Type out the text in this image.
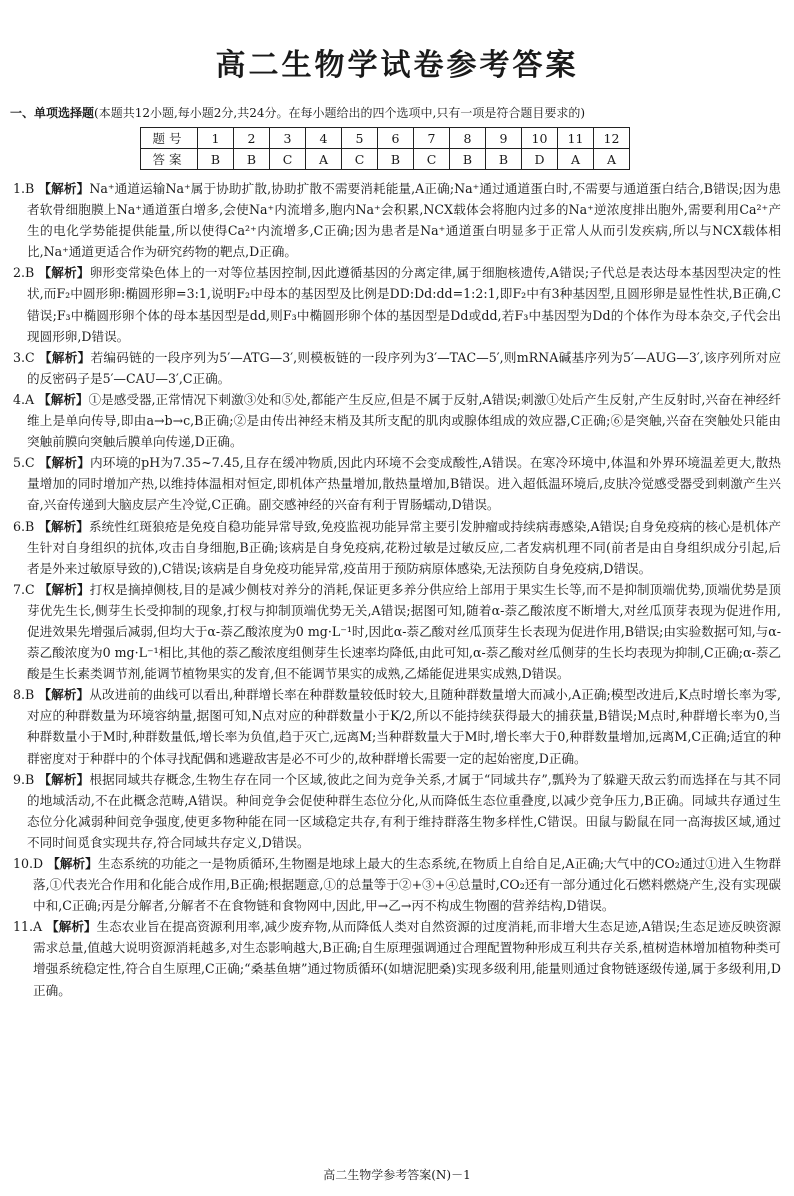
高二生物学试卷参考答案
一、单项选择题(本题共12小题,每小题2分,共24分。在每小题给出的四个选项中,只有一项是符合题目要求的)
题号	1	2	3	4	5	6	7	8	9	10	11	12
答案	B	B	C	A	C	B	C	B	B	D	A	A

1.B 【解析】Na⁺通道运输Na⁺属于协助扩散,协助扩散不需要消耗能量,A正确;Na⁺通过通道蛋白时,不需要与通道蛋白结合,B错误;因为患者软骨细胞膜上Na⁺通道蛋白增多,会使Na⁺内流增多,胞内Na⁺会积累,NCX载体会将胞内过多的Na⁺逆浓度排出胞外,需要利用Ca²⁺产生的电化学势能提供能量,所以使得Ca²⁺内流增多,C正确;因为患者是Na⁺通道蛋白明显多于正常人从而引发疾病,所以与NCX载体相比,Na⁺通道更适合作为研究药物的靶点,D正确。

2.B 【解析】卵形变常染色体上的一对等位基因控制,因此遵循基因的分离定律,属于细胞核遗传,A错误;子代总是表达母本基因型决定的性状,而F₂中圆形卵:椭圆形卵=3:1,说明F₂中母本的基因型及比例是DD:Dd:dd=1:2:1,即F₂中有3种基因型,且圆形卵是显性性状,B正确,C错误;F₃中椭圆形卵个体的母本基因型是dd,则F₃中椭圆形卵个体的基因型是Dd或dd,若F₃中基因型为Dd的个体作为母本杂交,子代会出现圆形卵,D错误。

3.C 【解析】若编码链的一段序列为5′—ATG—3′,则模板链的一段序列为3′—TAC—5′,则mRNA碱基序列为5′—AUG—3′,该序列所对应的反密码子是5′—CAU—3′,C正确。

4.A 【解析】①是感受器,正常情况下刺激③处和⑤处,都能产生反应,但是不属于反射,A错误;刺激①处后产生反射,产生反射时,兴奋在神经纤维上是单向传导,即由a→b→c,B正确;②是由传出神经末梢及其所支配的肌肉或腺体组成的效应器,C正确;⑥是突触,兴奋在突触处只能由突触前膜向突触后膜单向传递,D正确。

5.C 【解析】内环境的pH为7.35~7.45,且存在缓冲物质,因此内环境不会变成酸性,A错误。在寒冷环境中,体温和外界环境温差更大,散热量增加的同时增加产热,以维持体温相对恒定,即机体产热量增加,散热量增加,B错误。进入超低温环境后,皮肤冷觉感受器受到刺激产生兴奋,兴奋传递到大脑皮层产生冷觉,C正确。副交感神经的兴奋有利于胃肠蠕动,D错误。

6.B 【解析】系统性红斑狼疮是免疫自稳功能异常导致,免疫监视功能异常主要引发肿瘤或持续病毒感染,A错误;自身免疫病的核心是机体产生针对自身组织的抗体,攻击自身细胞,B正确;该病是自身免疫病,花粉过敏是过敏反应,二者发病机理不同(前者是由自身组织成分引起,后者是外来过敏原导致的),C错误;该病是自身免疫功能异常,疫苗用于预防病原体感染,无法预防自身免疫病,D错误。

7.C 【解析】打权是摘掉侧枝,目的是减少侧枝对养分的消耗,保证更多养分供应给上部用于果实生长等,而不是抑制顶端优势,顶端优势是顶芽优先生长,侧芽生长受抑制的现象,打杈与抑制顶端优势无关,A错误;据图可知,随着α-萘乙酸浓度不断增大,对丝瓜顶芽表现为促进作用,促进效果先增强后减弱,但均大于α-萘乙酸浓度为0 mg·L⁻¹时,因此α-萘乙酸对丝瓜顶芽生长表现为促进作用,B错误;由实验数据可知,与α-萘乙酸浓度为0 mg·L⁻¹相比,其他的萘乙酸浓度组侧芽生长速率均降低,由此可知,α-萘乙酸对丝瓜侧芽的生长均表现为抑制,C正确;α-萘乙酸是生长素类调节剂,能调节植物果实的发育,但不能调节果实的成熟,乙烯能促进果实成熟,D错误。

8.B 【解析】从改进前的曲线可以看出,种群增长率在种群数量较低时较大,且随种群数量增大而减小,A正确;模型改进后,K点时增长率为零,对应的种群数量为环境容纳量,据图可知,N点对应的种群数量小于K/2,所以不能持续获得最大的捕获量,B错误;M点时,种群增长率为0,当种群数量小于M时,种群数量低,增长率为负值,趋于灭亡,远离M;当种群数量大于M时,增长率大于0,种群数量增加,远离M,C正确;适宜的种群密度对于种群中的个体寻找配偶和逃避敌害是必不可少的,故种群增长需要一定的起始密度,D正确。

9.B 【解析】根据同域共存概念,生物生存在同一个区域,彼此之间为竞争关系,才属于“同域共存”,瓢羚为了躲避天敌云豹而选择在与其不同的地域活动,不在此概念范畴,A错误。种间竞争会促使种群生态位分化,从而降低生态位重叠度,以减少竞争压力,B正确。同域共存通过生态位分化减弱种间竞争强度,使更多物种能在同一区域稳定共存,有利于维持群落生物多样性,C错误。田鼠与鼢鼠在同一高海拔区域,通过不同时间觅食实现共存,符合同域共存定义,D错误。

10.D 【解析】生态系统的功能之一是物质循环,生物圈是地球上最大的生态系统,在物质上自给自足,A正确;大气中的CO₂通过①进入生物群落,①代表光合作用和化能合成作用,B正确;根据题意,①的总量等于②+③+④总量时,CO₂还有一部分通过化石燃料燃烧产生,没有实现碳中和,C正确;丙是分解者,分解者不在食物链和食物网中,因此,甲→乙→丙不构成生物圈的营养结构,D错误。

11.A 【解析】生态农业旨在提高资源利用率,减少废弃物,从而降低人类对自然资源的过度消耗,而非增大生态足迹,A错误;生态足迹反映资源需求总量,值越大说明资源消耗越多,对生态影响越大,B正确;自生原理强调通过合理配置物种形成互利共存关系,植树造林增加植物种类可增强系统稳定性,符合自生原理,C正确;“桑基鱼塘”通过物质循环(如塘泥肥桑)实现多级利用,能量则通过食物链逐级传递,属于多级利用,D正确。

高二生物学参考答案(N)－1
